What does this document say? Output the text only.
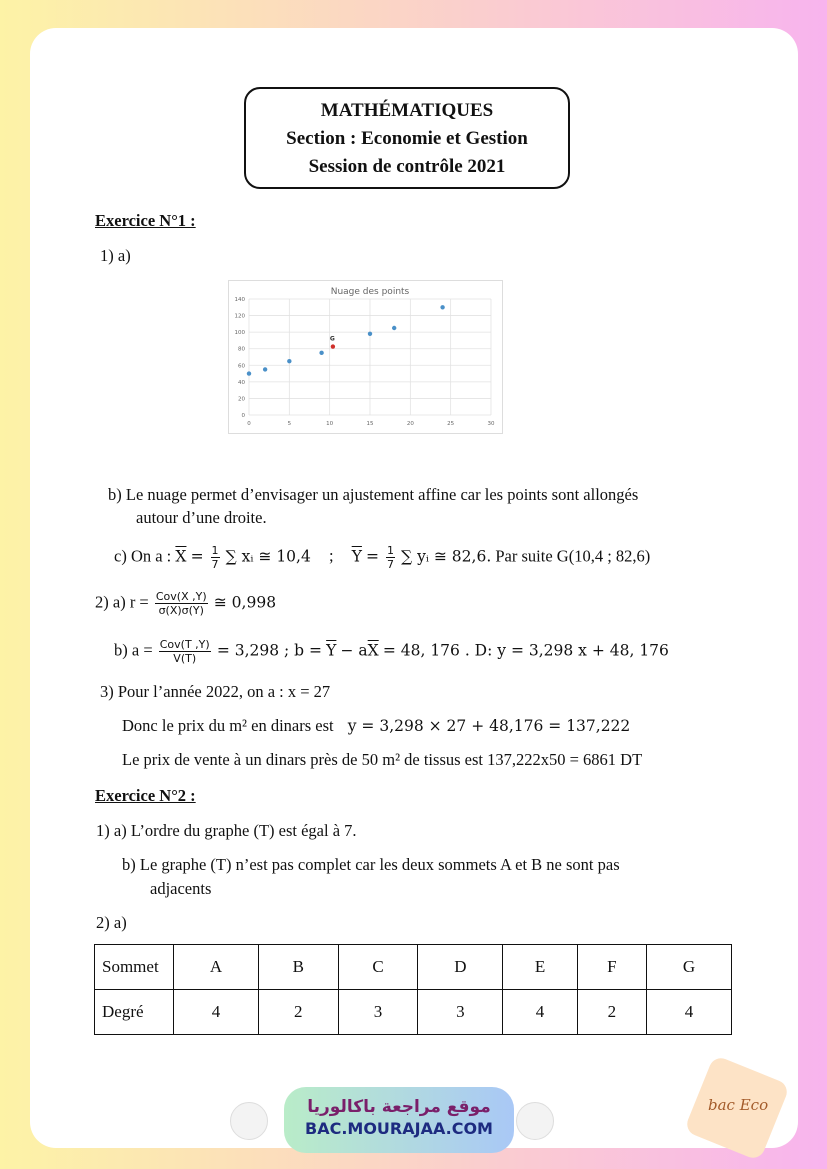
MATHÉMATIQUES
Section : Economie et Gestion
Session de contrôle 2021
Exercice N°1 :
1) a)
Nuage des points
0
20
40
60
80
100
120
140
0	5	10	15	20	25	30
G
b) Le nuage permet d’envisager un ajustement affine car les points sont allongés
autour d’une droite.
c) On a : $\overline{X} = \frac{1}{7}$ ∑ xᵢ ≅ 10,4 ; $\overline{Y} = \frac{1}{7}$ ∑ yᵢ ≅ 82,6. Par suite G(10,4 ; 82,6)
2) a) $r = \frac{\text{Cov(X ,Y)}}{\sigma(X)\sigma(Y)}$ ≅ 0,998
b) $a = \frac{\text{Cov(T ,Y)}}{V(T)} = 3,298$ ; $b = \overline{Y} - a\overline{X} = 48$, 176 . D: y = 3,298 x + 48, 176
3) Pour l’année 2022, on a : x = 27
Donc le prix du m² en dinars est y = 3,298 × 27 + 48,176 = 137,222
Le prix de vente à un dinars près de 50 m² de tissus est 137,222x50 = 6861 DT
Exercice N°2 :
1) a) L’ordre du graphe (T) est égal à 7.
b) Le graphe (T) n’est pas complet car les deux sommets A et B ne sont pas
adjacents
2) a)
Sommet	A	B	C	D	E	F	G
Degré	4	2	3	3	4	2	4
موقع مراجعة باكالوريا
BAC.MOURAJAA.COM
bac Eco
